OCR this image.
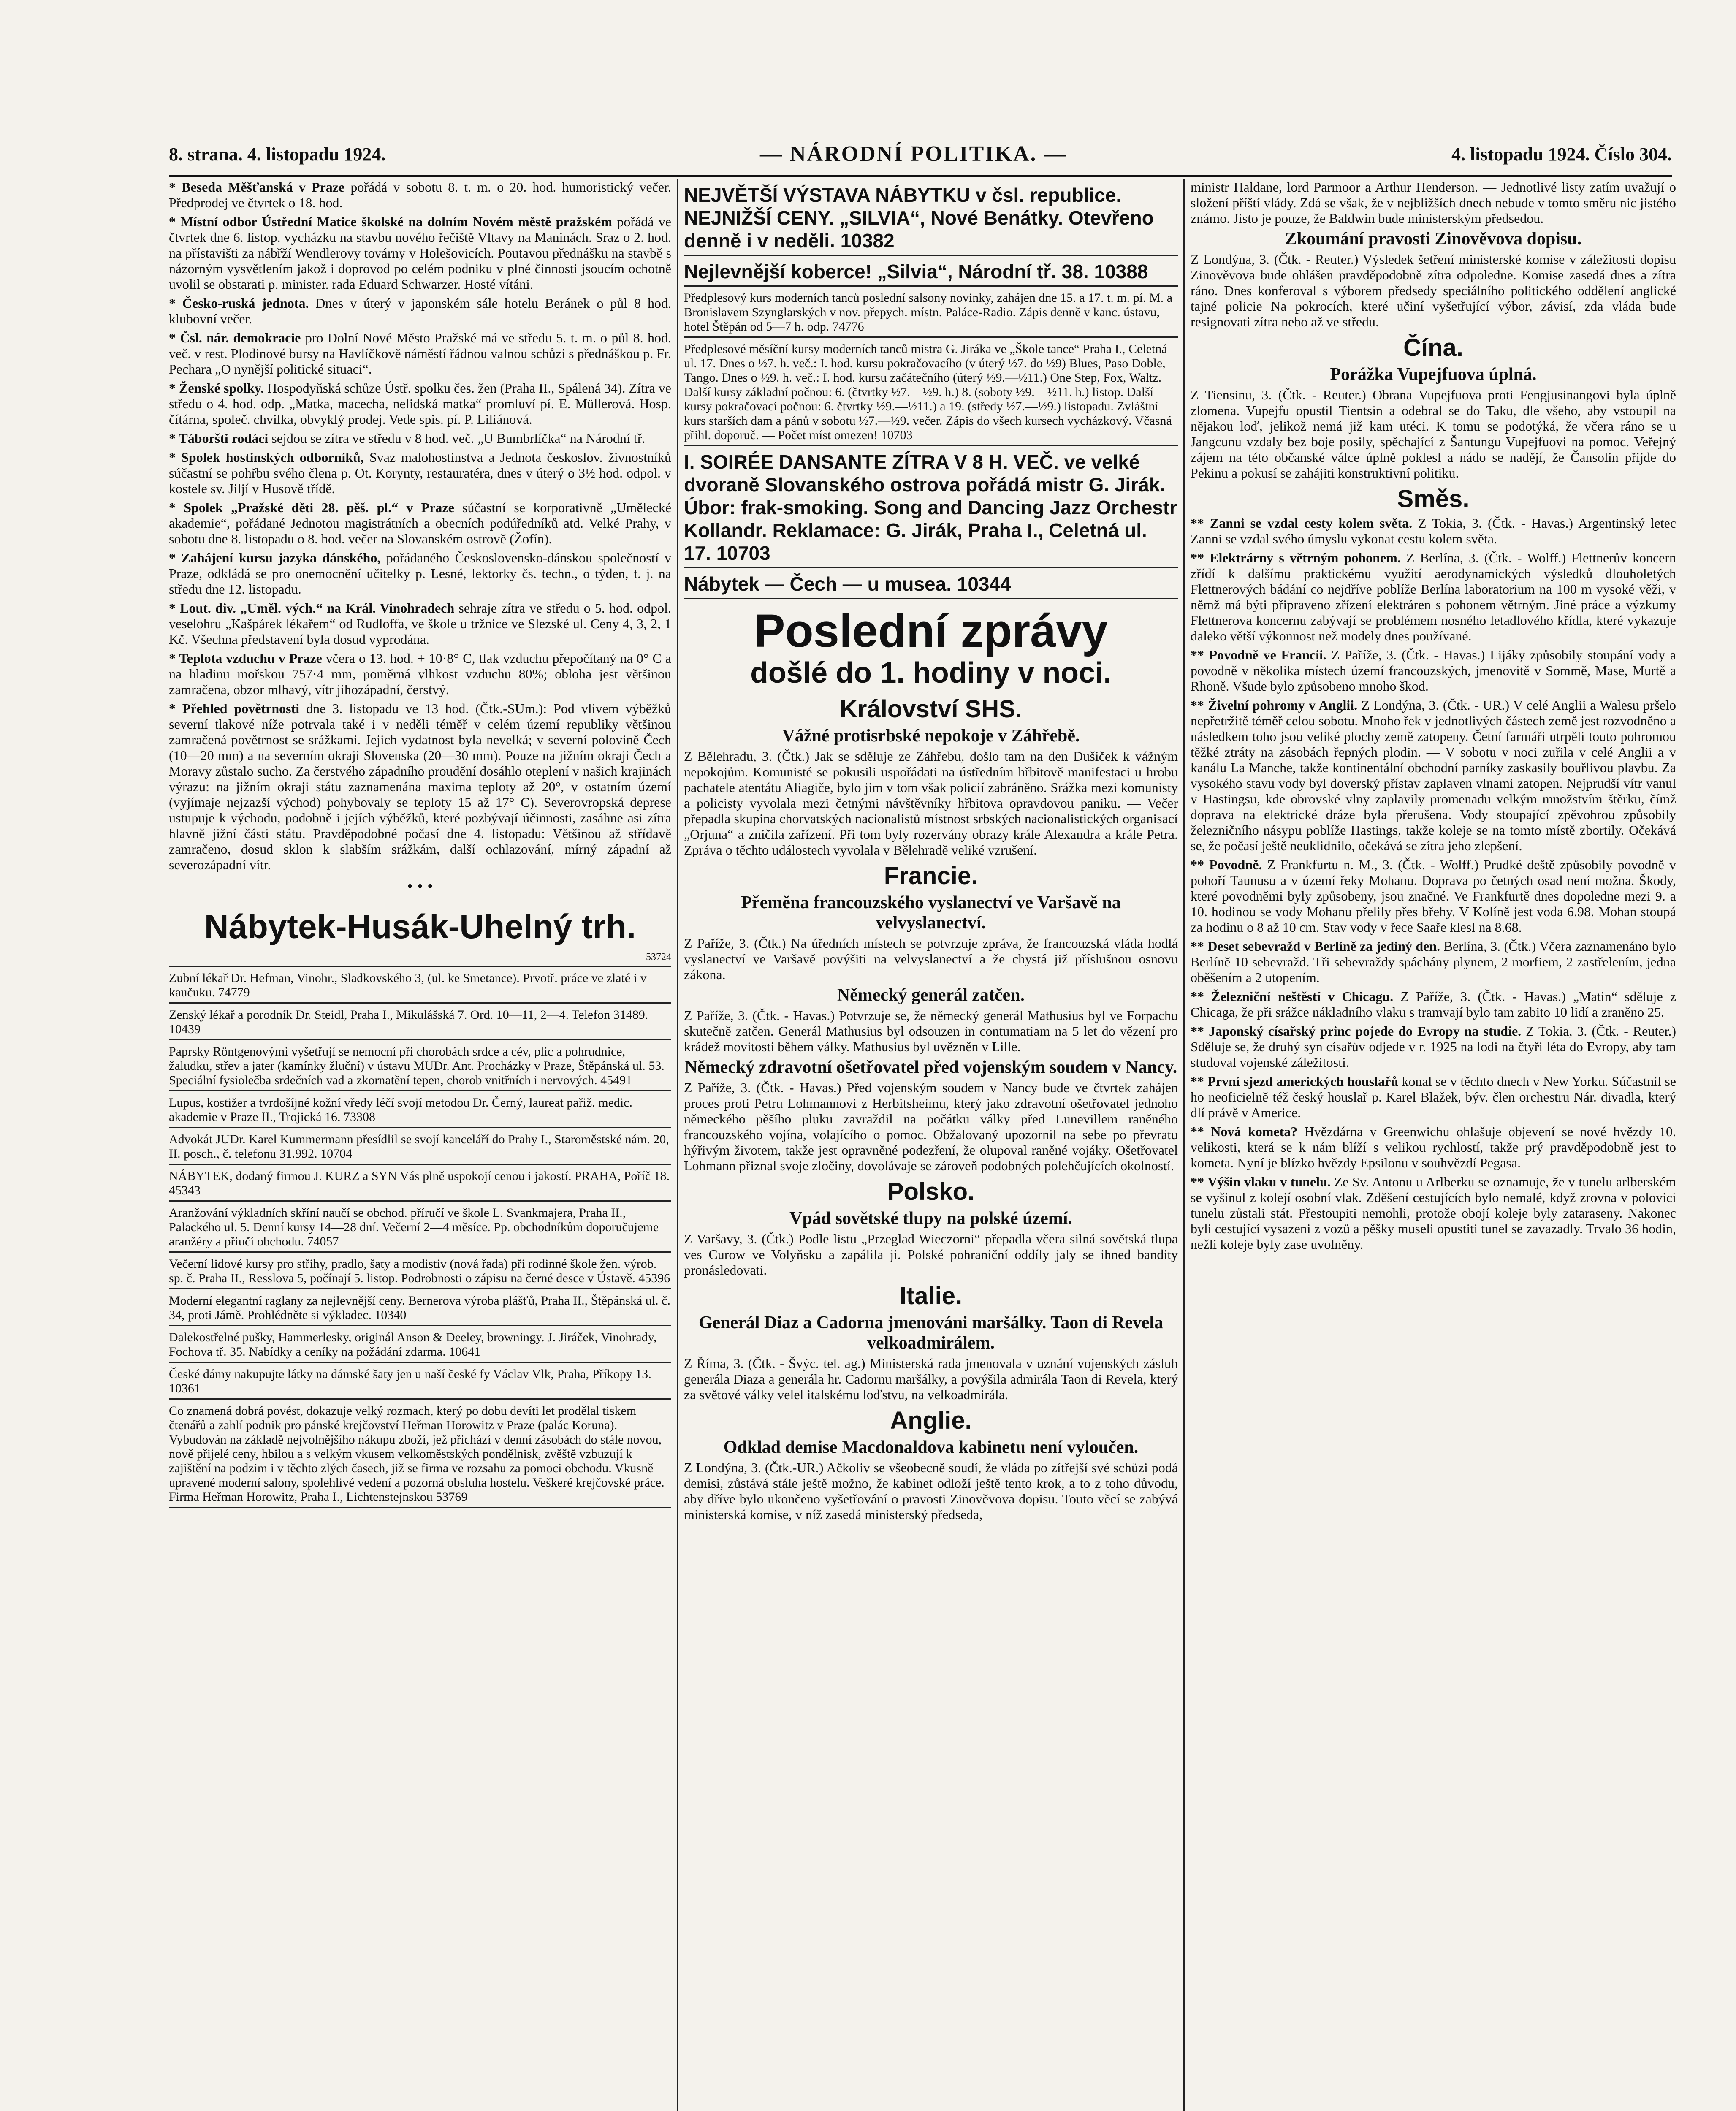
8. strana. 4. listopadu 1924.	— NÁRODNÍ POLITIKA. —	4. listopadu 1924. Číslo 304.

* Beseda Měšťanská v Praze pořádá v sobotu 8. t. m. o 20. hod. humoristický večer. Předprodej ve čtvrtek o 18. hod.

* Místní odbor Ústřední Matice školské na dolním Novém městě pražském pořádá ve čtvrtek dne 6. listop. vycházku na stavbu nového řečiště Vltavy na Maninách. Sraz o 2. hod. na přístavišti za nábřží Wendlerovy továrny v Holešovicích. Poutavou přednášku na stavbě s názorným vysvětlením jakož i doprovod po celém podniku v plné činnosti jsoucím ochotně uvolil se obstarati p. minister. rada Eduard Schwarzer. Hosté vítáni.

* Česko-ruská jednota. Dnes v úterý v japonském sále hotelu Beránek o půl 8 hod. klubovní večer.

* Čsl. nár. demokracie pro Dolní Nové Město Pražské má ve středu 5. t. m. o půl 8. hod. več. v rest. Plodinové bursy na Havlíčkově náměstí řádnou valnou schůzi s přednáškou p. Fr. Pechara „O nynější politické situaci“.

* Ženské spolky. Hospodyňská schůze Ústř. spolku čes. žen (Praha II., Spálená 34). Zítra ve středu o 4. hod. odp. „Matka, macecha, nelidská matka“ promluví pí. E. Müllerová. Hosp. čítárna, společ. chvilka, obvyklý prodej. Vede spis. pí. P. Liliánová.

* Táboršti rodáci sejdou se zítra ve středu v 8 hod. več. „U Bumbrlíčka“ na Národní tř.

* Spolek hostinských odborníků, Svaz malohostinstva a Jednota českoslov. živnostníků súčastní se pohřbu svého člena p. Ot. Korynty, restauratéra, dnes v úterý o 3½ hod. odpol. v kostele sv. Jiljí v Husově třídě.

* Spolek „Pražské děti 28. pěš. pl.“ v Praze súčastní se korporativně „Umělecké akademie“, pořádané Jednotou magistrátních a obecních podúředníků atd. Velké Prahy, v sobotu dne 8. listopadu o 8. hod. večer na Slovanském ostrově (Žofín).

* Zahájení kursu jazyka dánského, pořádaného Československo-dánskou společností v Praze, odkládá se pro onemocnění učitelky p. Lesné, lektorky čs. techn., o týden, t. j. na středu dne 12. listopadu.

* Lout. div. „Uměl. vých.“ na Král. Vinohradech sehraje zítra ve středu o 5. hod. odpol. veselohru „Kašpárek lékařem“ od Rudloffa, ve škole u tržnice ve Slezské ul. Ceny 4, 3, 2, 1 Kč. Všechna představení byla dosud vyprodána.

* Teplota vzduchu v Praze včera o 13. hod. + 10·8° C, tlak vzduchu přepočítaný na 0° C a na hladinu mořskou 757·4 mm, poměrná vlhkost vzduchu 80%; obloha jest většinou zamračena, obzor mlhavý, vítr jihozápadní, čerstvý.

* Přehled povětrnosti dne 3. listopadu ve 13 hod. (Čtk.-SUm.): Pod vlivem výběžků severní tlakové níže potrvala také i v neděli téměř v celém území republiky většinou zamračená povětrnost se srážkami. Jejich vydatnost byla nevelká; v severní polovině Čech (10—20 mm) a na severním okraji Slovenska (20—30 mm). Pouze na jižním okraji Čech a Moravy zůstalo sucho. Za čerstvého západního proudění dosáhlo oteplení v našich krajinách výrazu: na jižním okraji státu zaznamenána maxima teploty až 20°, v ostatním území (vyjímaje nejzazší východ) pohybovaly se teploty 15 až 17° C). Severovropská deprese ustupuje k východu, podobně i jejích výběžků, které pozbývají účinnosti, zasáhne asi zítra hlavně jižní části státu. Pravděpodobné počasí dne 4. listopadu: Většinou až střídavě zamračeno, dosud sklon k slabším srážkám, další ochlazování, mírný západní až severozápadní vítr.

• • •
Nábytek-Husák-Uhelný trh.
53724
Zubní lékař Dr. Hefman, Vinohr., Sladkovského 3, (ul. ke Smetance). Prvotř. práce ve zlaté i v kaučuku. 74779
Zenský lékař a porodník Dr. Steidl, Praha I., Mikulášská 7. Ord. 10—11, 2—4. Telefon 31489. 10439
Paprsky Röntgenovými vyšetřují se nemocní při chorobách srdce a cév, plic a pohrudnice, žaludku, střev a jater (kamínky žluční) v ústavu MUDr. Ant. Procházky v Praze, Štěpánská ul. 53. Speciální fysiolečba srdečních vad a zkornatění tepen, chorob vnitřních i nervových. 45491
Lupus, kostižer a tvrdošíjné kožní vředy léčí svojí metodou Dr. Černý, laureat pařiž. medic. akademie v Praze II., Trojická 16. 73308
Advokát JUDr. Karel Kummermann přesídlil se svojí kanceláří do Prahy I., Staroměstské nám. 20, II. posch., č. telefonu 31.992. 10704
NÁBYTEK, dodaný firmou J. KURZ a SYN Vás plně uspokojí cenou i jakostí. PRAHA, Poříč 18. 45343
Aranžování výkladních skříní naučí se obchod. příručí ve škole L. Svankmajera, Praha II., Palackého ul. 5. Denní kursy 14—28 dní. Večerní 2—4 měsíce. Pp. obchodníkům doporučujeme aranžéry a přiučí obchodu. 74057
Večerní lidové kursy pro střihy, pradlo, šaty a modistiv (nová řada) při rodinné škole žen. výrob. sp. č. Praha II., Resslova 5, počínají 5. listop. Podrobnosti o zápisu na černé desce v Ústavě. 45396
Moderní elegantní raglany za nejlevnější ceny. Bernerova výroba plášťů, Praha II., Štěpánská ul. č. 34, proti Jámě. Prohlédněte si výkladec. 10340
Dalekostřelné pušky, Hammerlesky, originál Anson & Deeley, browningy. J. Jiráček, Vinohrady, Fochova tř. 35. Nabídky a ceníky na požádání zdarma. 10641
České dámy nakupujte látky na dámské šaty jen u naší české fy Václav Vlk, Praha, Příkopy 13. 10361
Co znamená dobrá povést, dokazuje velký rozmach, který po dobu devíti let prodělal tiskem čtenářů a zahlí podnik pro pánské krejčovství Heřman Horowitz v Praze (palác Koruna). Vybudován na základě nejvolnějšího nákupu zboží, jež přichází v denní zásobách do stále novou, nově přijelé ceny, hbilou a s velkým vkusem velkoměstských pondělnisk, zvěště vzbuzují k zajištění na podzim i v těchto zlých časech, již se firma ve rozsahu za pomoci obchodu. Vkusně upravené moderní salony, spolehlivé vedení a pozorná obsluha hostelu. Veškeré krejčovské práce. Firma Heřman Horowitz, Praha I., Lichtenstejnskou 53769
NEJVĚTŠÍ VÝSTAVA NÁBYTKU v čsl. republice. NEJNIŽŠÍ CENY. „SILVIA“, Nové Benátky. Otevřeno denně i v neděli. 10382
Nejlevnější koberce! „Silvia“, Národní tř. 38. 10388
Předplesový kurs moderních tanců poslední salsony novinky, zahájen dne 15. a 17. t. m. pí. M. a Bronislavem Szynglarských v nov. přepych. místn. Paláce-Radio. Zápis denně v kanc. ústavu, hotel Štěpán od 5—7 h. odp. 74776
Předplesové měsíční kursy moderních tanců mistra G. Jiráka ve „Škole tance“ Praha I., Celetná ul. 17. Dnes o ½7. h. več.: I. hod. kursu pokračovacího (v úterý ½7. do ½9) Blues, Paso Doble, Tango. Dnes o ½9. h. več.: I. hod. kursu začátečního (úterý ½9.—½11.) One Step, Fox, Waltz. Další kursy základní počnou: 6. (čtvrtky ½7.—½9. h.) 8. (soboty ½9.—½11. h.) listop. Další kursy pokračovací počnou: 6. čtvrtky ½9.—½11.) a 19. (středy ½7.—½9.) listopadu. Zvláštní kurs starších dam a pánů v sobotu ½7.—½9. večer. Zápis do všech kursech vycházkový. Včasná přihl. doporuč. — Počet míst omezen! 10703
I. SOIRÉE DANSANTE ZÍTRA V 8 H. VEČ. ve velké dvoraně Slovanského ostrova pořádá mistr G. Jirák. Úbor: frak-smoking. Song and Dancing Jazz Orchestr Kollandr. Reklamace: G. Jirák, Praha I., Celetná ul. 17. 10703
Nábytek — Čech — u musea. 10344
Poslední zprávy
došlé do 1. hodiny v noci.
Království SHS.
Vážné protisrbské nepokoje v Záhřebě.

Z Bělehradu, 3. (Čtk.) Jak se sděluje ze Záhřebu, došlo tam na den Dušiček k vážným nepokojům. Komunisté se pokusili uspořádati na ústředním hřbitově manifestaci u hrobu pachatele atentátu Aliagiče, bylo jim v tom však policií zabráněno. Srážka mezi komunisty a policisty vyvolala mezi četnými návštěvníky hřbitova opravdovou paniku. — Večer přepadla skupina chorvatských nacionalistů místnost srbských nacionalistických organisací „Orjuna“ a zničila zařízení. Při tom byly rozervány obrazy krále Alexandra a krále Petra. Zpráva o těchto událostech vyvolala v Bělehradě veliké vzrušení.

Francie.
Přeměna francouzského vyslanectví ve Varšavě na velvyslanectví.

Z Paříže, 3. (Čtk.) Na úředních místech se potvrzuje zpráva, že francouzská vláda hodlá vyslanectví ve Varšavě povýšiti na velvyslanectví a že chystá již příslušnou osnovu zákona.

Německý generál zatčen.

Z Paříže, 3. (Čtk. - Havas.) Potvrzuje se, že německý generál Mathusius byl ve Forpachu skutečně zatčen. Generál Mathusius byl odsouzen in contumatiam na 5 let do vězení pro krádež movitosti během války. Mathusius byl uvězněn v Lille.

Německý zdravotní ošetřovatel před vojenským soudem v Nancy.

Z Paříže, 3. (Čtk. - Havas.) Před vojenským soudem v Nancy bude ve čtvrtek zahájen proces proti Petru Lohmannovi z Herbitsheimu, který jako zdravotní ošetřovatel jednoho německého pěšího pluku zavraždil na počátku války před Lunevillem raněného francouzského vojína, volajícího o pomoc. Obžalovaný upozornil na sebe po převratu hýřivým životem, takže jest opravněné podezření, že olupoval raněné vojáky. Ošetřovatel Lohmann přiznal svoje zločiny, dovolávaje se zároveň podobných polehčujících okolností.

Polsko.
Vpád sovětské tlupy na polské území.

Z Varšavy, 3. (Čtk.) Podle listu „Przeglad Wieczorni“ přepadla včera silná sovětská tlupa ves Curow ve Volyňsku a zapálila ji. Polské pohraniční oddíly jaly se ihned bandity pronásledovati.

Italie.
Generál Diaz a Cadorna jmenováni maršálky. Taon di Revela velkoadmirálem.

Z Říma, 3. (Čtk. - Švýc. tel. ag.) Ministerská rada jmenovala v uznání vojenských zásluh generála Diaza a generála hr. Cadornu maršálky, a povýšila admirála Taon di Revela, který za světové války velel italskému loďstvu, na velkoadmirála.

Anglie.
Odklad demise Macdonaldova kabinetu není vyloučen.

Z Londýna, 3. (Čtk.-UR.) Ačkoliv se všeobecně soudí, že vláda po zítřejší své schůzi podá demisi, zůstává stále ještě možno, že kabinet odloží ještě tento krok, a to z toho důvodu, aby dříve bylo ukončeno vyšetřování o pravosti Zinověvova dopisu. Touto věcí se zabývá ministerská komise, v níž zasedá ministerský předseda,

ministr Haldane, lord Parmoor a Arthur Henderson. — Jednotlivé listy zatím uvažují o složení příští vlády. Zdá se však, že v nejbližších dnech nebude v tomto směru nic jistého známo. Jisto je pouze, že Baldwin bude ministerským předsedou.

Zkoumání pravosti Zinověvova dopisu.

Z Londýna, 3. (Čtk. - Reuter.) Výsledek šetření ministerské komise v záležitosti dopisu Zinověvova bude ohlášen pravděpodobně zítra odpoledne. Komise zasedá dnes a zítra ráno. Dnes konferoval s výborem předsedy speciálního politického oddělení anglické tajné policie Na pokrocích, které učiní vyšetřující výbor, závisí, zda vláda bude resignovati zítra nebo až ve středu.

Čína.
Porážka Vupejfuova úplná.

Z Tiensinu, 3. (Čtk. - Reuter.) Obrana Vupejfuova proti Fengjusinangovi byla úplně zlomena. Vupejfu opustil Tientsin a odebral se do Taku, dle všeho, aby vstoupil na nějakou loď, jelikož nemá již kam utéci. K tomu se podotýká, že včera ráno se u Jangcunu vzdaly bez boje posily, spěchající z Šantungu Vupejfuovi na pomoc. Veřejný zájem na této občanské válce úplně poklesl a nádo se nadějí, že Čansolin přijde do Pekinu a pokusí se zahájiti konstruktivní politiku.

Směs.

** Zanni se vzdal cesty kolem světa. Z Tokia, 3. (Čtk. - Havas.) Argentinský letec Zanni se vzdal svého úmyslu vykonat cestu kolem světa.

** Elektrárny s větrným pohonem. Z Berlína, 3. (Čtk. - Wolff.) Flettnerův koncern zřídí k dalšímu praktickému využití aerodynamických výsledků dlouholetých Flettnerových bádání co nejdříve poblíže Berlína laboratorium na 100 m vysoké věži, v němž má býti připraveno zřízení elektráren s pohonem větrným. Jiné práce a výzkumy Flettnerova koncernu zabývají se problémem nosného letadlového křídla, které vykazuje daleko větší výkonnost než modely dnes používané.

** Povodně ve Francii. Z Paříže, 3. (Čtk. - Havas.) Lijáky způsobily stoupání vody a povodně v několika místech území francouzských, jmenovitě v Sommě, Mase, Murtě a Rhoně. Všude bylo způsobeno mnoho škod.

** Živelní pohromy v Anglii. Z Londýna, 3. (Čtk. - UR.) V celé Anglii a Walesu pršelo nepřetržitě téměř celou sobotu. Mnoho řek v jednotlivých částech země jest rozvodněno a následkem toho jsou veliké plochy země zatopeny. Četní farmáři utrpěli touto pohromou těžké ztráty na zásobách řepných plodin. — V sobotu v noci zuřila v celé Anglii a v kanálu La Manche, takže kontinentální obchodní parníky zaskasily bouřlivou plavbu. Za vysokého stavu vody byl doverský přístav zaplaven vlnami zatopen. Nejprudší vítr vanul v Hastingsu, kde obrovské vlny zaplavily promenadu velkým množstvím štěrku, čímž doprava na elektrické dráze byla přerušena. Vody stoupající zpěvohrou způsobily železničního násypu poblíže Hastings, takže koleje se na tomto místě zbortily. Očekává se, že počasí ještě neuklidnilo, očekává se zítra jeho zlepšení.

** Povodně. Z Frankfurtu n. M., 3. (Čtk. - Wolff.) Prudké deště způsobily povodně v pohoří Taunusu a v území řeky Mohanu. Doprava po četných osad není možna. Škody, které povodněmi byly způsobeny, jsou značné. Ve Frankfurtě dnes dopoledne mezi 9. a 10. hodinou se vody Mohanu přelily přes břehy. V Kolíně jest voda 6.98. Mohan stoupá za hodinu o 8 až 10 cm. Stav vody v řece Saaře klesl na 8.68.

** Deset sebevražd v Berlíně za jediný den. Berlína, 3. (Čtk.) Včera zaznamenáno bylo Berlíně 10 sebevražd. Tři sebevraždy spáchány plynem, 2 morfiem, 2 zastřelením, jedna oběšením a 2 utopením.

** Železniční neštěstí v Chicagu. Z Paříže, 3. (Čtk. - Havas.) „Matin“ sděluje z Chicaga, že při srážce nákladního vlaku s tramvají bylo tam zabito 10 lidí a zraněno 25.

** Japonský císařský princ pojede do Evropy na studie. Z Tokia, 3. (Čtk. - Reuter.) Sděluje se, že druhý syn císařův odjede v r. 1925 na lodi na čtyři léta do Evropy, aby tam studoval vojenské záležitosti.

** První sjezd amerických houslařů konal se v těchto dnech v New Yorku. Súčastnil se ho neoficielně též český houslař p. Karel Blažek, býv. člen orchestru Nár. divadla, který dlí právě v Americe.

** Nová kometa? Hvězdárna v Greenwichu ohlašuje objevení se nové hvězdy 10. velikosti, která se k nám blíží s velikou rychlostí, takže prý pravděpodobně jest to kometa. Nyní je blízko hvězdy Epsilonu v souhvězdí Pegasa.

** Výšin vlaku v tunelu. Ze Sv. Antonu u Arlberku se oznamuje, že v tunelu arlberském se vyšinul z kolejí osobní vlak. Zděšení cestujících bylo nemalé, když zrovna v polovici tunelu zůstali stát. Přestoupiti nemohli, protože obojí koleje byly zataraseny. Nakonec byli cestující vysazeni z vozů a pěšky museli opustiti tunel se zavazadly. Trvalo 36 hodin, nežli koleje byly zase uvolněny.
